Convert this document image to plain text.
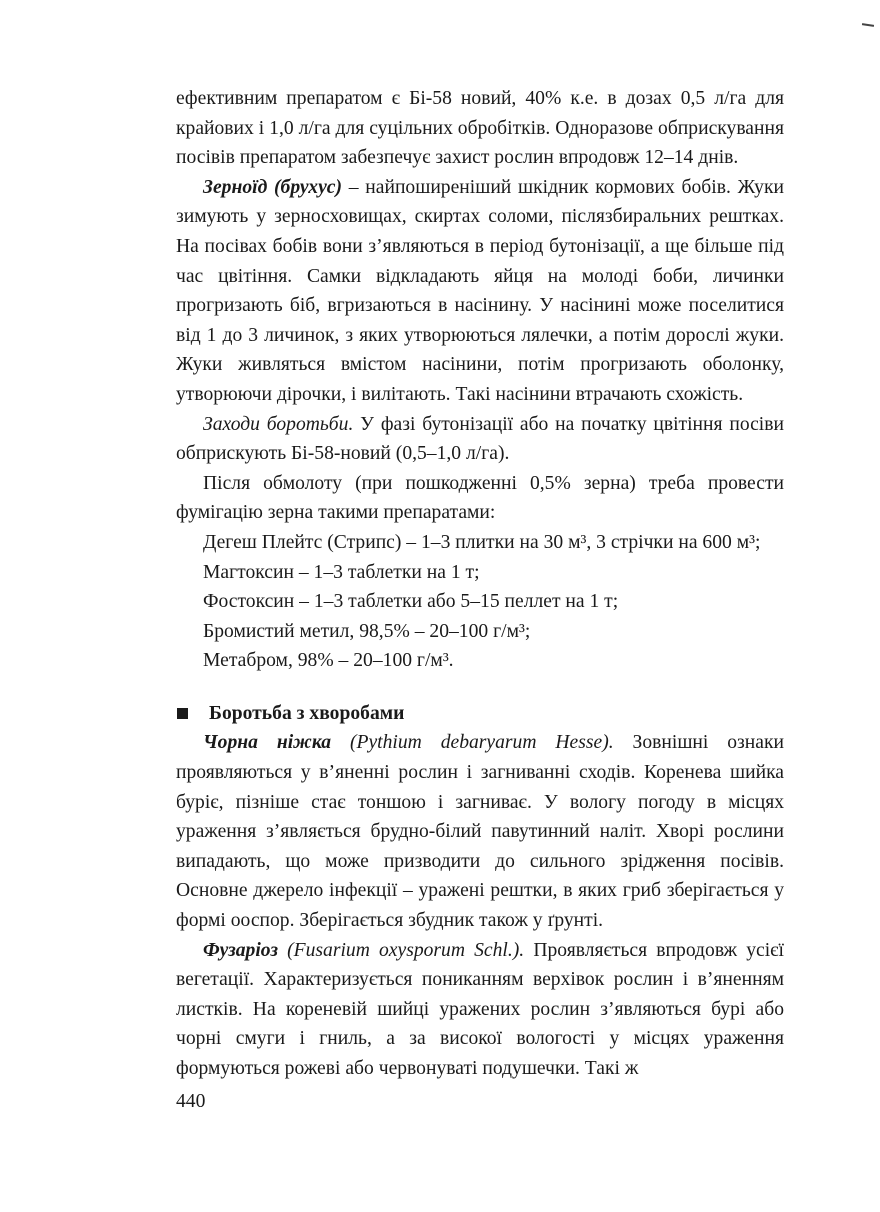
ефективним препаратом є Бі-58 новий, 40% к.е. в дозах 0,5 л/га для крайових і 1,0 л/га для суцільних обробітків. Одноразове обприскування посівів препаратом забезпечує захист рослин впродовж 12–14 днів.

Зерноїд (брухус) – найпоширеніший шкідник кормових бобів. Жуки зимують у зерносховищах, скиртах соломи, післязбиральних рештках. На посівах бобів вони з’являються в період бутонізації, а ще більше під час цвітіння. Самки відкладають яйця на молоді боби, личинки прогризають біб, вгризаються в насінину. У насінині може поселитися від 1 до 3 личинок, з яких утворюються лялечки, а потім дорослі жуки. Жуки живляться вмістом насінини, потім прогризають оболонку, утворюючи дірочки, і вилітають. Такі насінини втрачають схожість.

Заходи боротьби. У фазі бутонізації або на початку цвітіння посіви обприскують Бі-58-новий (0,5–1,0 л/га).

Після обмолоту (при пошкодженні 0,5% зерна) треба провести фумігацію зерна такими препаратами:

Дегеш Плейтс (Стрипс) – 1–3 плитки на 30 м³, 3 стрічки на 600 м³;

Магтоксин – 1–3 таблетки на 1 т;

Фостоксин – 1–3 таблетки або 5–15 пеллет на 1 т;

Бромистий метил, 98,5% – 20–100 г/м³;

Метабром, 98% – 20–100 г/м³.

Боротьба з хворобами

Чорна ніжка (Pythium debaryarum Hesse). Зовнішні ознаки проявляються у в’яненні рослин і загниванні сходів. Коренева шийка буріє, пізніше стає тоншою і загниває. У вологу погоду в місцях ураження з’являється брудно-білий павутинний наліт. Хворі рослини випадають, що може призводити до сильного зрідження посівів. Основне джерело інфекції – уражені рештки, в яких гриб зберігається у формі ооспор. Зберігається збудник також у ґрунті.

Фузаріоз (Fusarium oxysporum Schl.). Проявляється впродовж усієї вегетації. Характеризується пониканням верхівок рослин і в’яненням листків. На кореневій шийці уражених рослин з’являються бурі або чорні смуги і гниль, а за високої вологості у місцях ураження формуються рожеві або червонуваті подушечки. Такі ж

440
